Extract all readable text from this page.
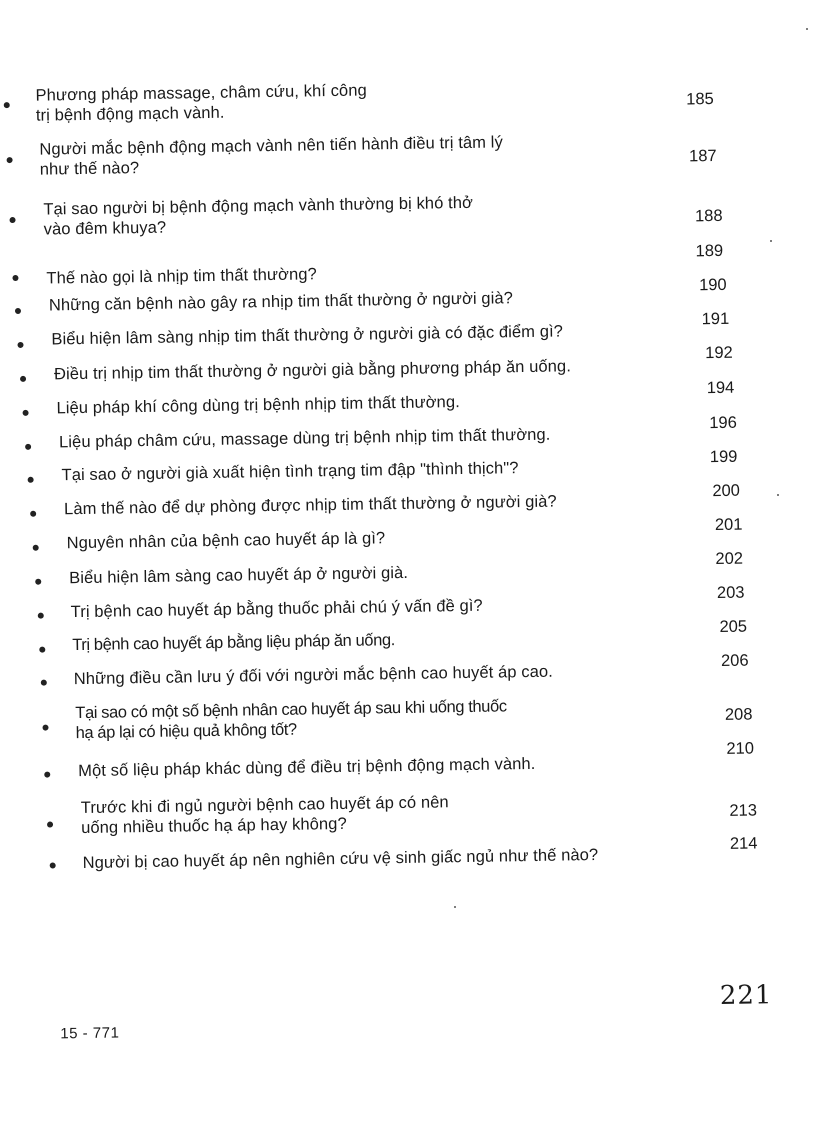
Phương pháp massage, châm cứu, khí công
trị bệnh động mạch vành.
185
Người mắc bệnh động mạch vành nên tiến hành điều trị tâm lý
như thế nào?
187
Tại sao người bị bệnh động mạch vành thường bị khó thở
vào đêm khuya?
188
Thế nào gọi là nhịp tim thất thường?
189
Những căn bệnh nào gây ra nhịp tim thất thường ở người già?
190
Biểu hiện lâm sàng nhịp tim thất thường ở người già có đặc điểm gì?
191
Điều trị nhịp tim thất thường ở người già bằng phương pháp ăn uống.
192
Liệu pháp khí công dùng trị bệnh nhịp tim thất thường.
194
Liệu pháp châm cứu, massage dùng trị bệnh nhịp tim thất thường.
196
Tại sao ở người già xuất hiện tình trạng tim đập "thình thịch"?
199
Làm thế nào để dự phòng được nhịp tim thất thường ở người già?
200
Nguyên nhân của bệnh cao huyết áp là gì?
201
Biểu hiện lâm sàng cao huyết áp ở người già.
202
Trị bệnh cao huyết áp bằng thuốc phải chú ý vấn đề gì?
203
Trị bệnh cao huyết áp bằng liệu pháp ăn uống.
205
Những điều cần lưu ý đối với người mắc bệnh cao huyết áp cao.
206
Tại sao có một số bệnh nhân cao huyết áp sau khi uống thuốc
hạ áp lại có hiệu quả không tốt?
208
Một số liệu pháp khác dùng để điều trị bệnh động mạch vành.
210
Trước khi đi ngủ người bệnh cao huyết áp có nên
uống nhiều thuốc hạ áp hay không?
213
Người bị cao huyết áp nên nghiên cứu vệ sinh giấc ngủ như thế nào?
214
15 - 771
221
